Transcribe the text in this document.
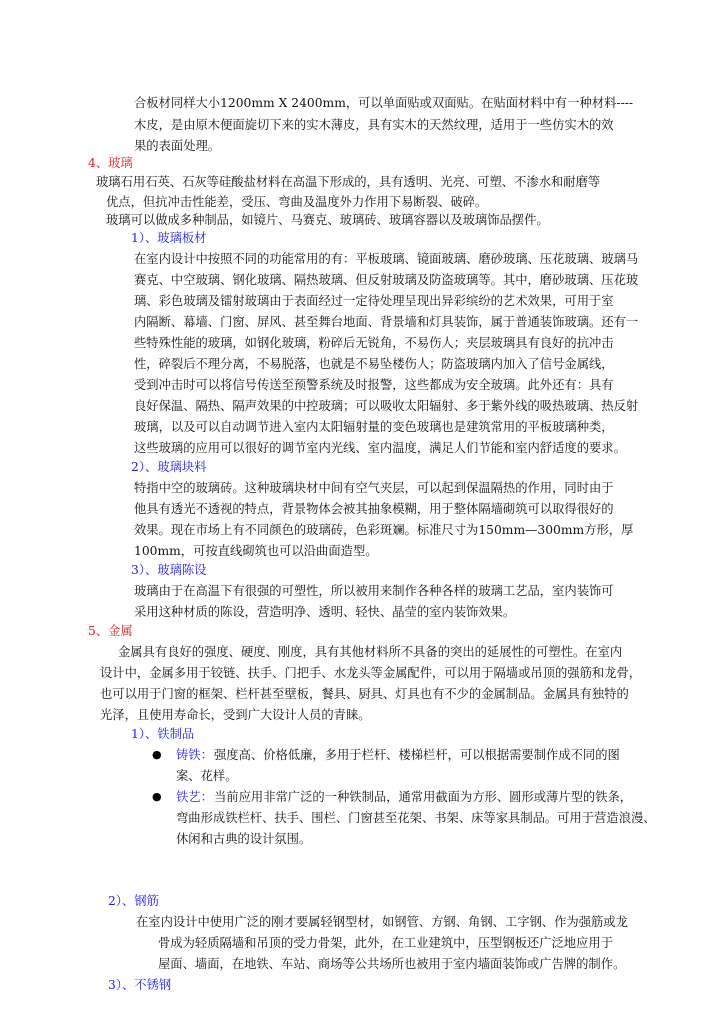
合板材同样大小1200mm X 2400mm，可以单面贴或双面贴。在贴面材料中有一种材料----
木皮，是由原木便面旋切下来的实木薄皮，具有实木的天然纹理，适用于一些仿实木的效
果的表面处理。
4、玻璃
玻璃石用石英、石灰等硅酸盐材料在高温下形成的，具有透明、光亮、可塑、不渗水和耐磨等
优点，但抗冲击性能差，受压、弯曲及温度外力作用下易断裂、破碎。
玻璃可以做成多种制品，如镜片、马赛克、玻璃砖、玻璃容器以及玻璃饰品摆件。
1）、玻璃板材
在室内设计中按照不同的功能常用的有：平板玻璃、镜面玻璃、磨砂玻璃、压花玻璃、玻璃马
赛克、中空玻璃、钢化玻璃、隔热玻璃、但反射玻璃及防盗玻璃等。其中，磨砂玻璃、压花玻
璃、彩色玻璃及镭射玻璃由于表面经过一定待处理呈现出异彩缤纷的艺术效果，可用于室
内隔断、幕墙、门窗、屏风、甚至舞台地面、背景墙和灯具装饰，属于普通装饰玻璃。还有一
些特殊性能的玻璃，如钢化玻璃，粉碎后无锐角，不易伤人；夹层玻璃具有良好的抗冲击
性，碎裂后不理分离，不易脱落，也就是不易坠楼伤人；防盗玻璃内加入了信号金属线，
受到冲击时可以将信号传送至预警系统及时报警，这些都成为安全玻璃。此外还有：具有
良好保温、隔热、隔声效果的中控玻璃；可以吸收太阳辐射、多于紫外线的吸热玻璃、热反射
玻璃，以及可以自动调节进入室内太阳辐射量的变色玻璃也是建筑常用的平板玻璃种类，
这些玻璃的应用可以很好的调节室内光线、室内温度，满足人们节能和室内舒适度的要求。
2）、玻璃块料
特指中空的玻璃砖。这种玻璃块材中间有空气夹层，可以起到保温隔热的作用，同时由于
他具有透光不透视的特点，背景物体会被其抽象模糊，用于整体隔墙砌筑可以取得很好的
效果。现在市场上有不同颜色的玻璃砖，色彩斑斓。标准尺寸为150mm—300mm方形，厚
100mm，可按直线砌筑也可以沿曲面造型。
3）、玻璃陈设
玻璃由于在高温下有很强的可塑性，所以被用来制作各种各样的玻璃工艺品，室内装饰可
采用这种材质的陈设，营造明净、透明、轻快、晶莹的室内装饰效果。
5、金属
金属具有良好的强度、硬度、刚度，具有其他材料所不具备的突出的延展性的可塑性。在室内
设计中，金属多用于铰链、扶手、门把手、水龙头等金属配件，可以用于隔墙或吊顶的强筋和龙骨，
也可以用于门窗的框架、栏杆甚至壁板，餐具、厨具、灯具也有不少的金属制品。金属具有独特的
光泽，且使用寿命长，受到广大设计人员的青睐。
1）、铁制品
● 铸铁： 强度高、价格低廉，多用于栏杆、楼梯栏杆，可以根据需要制作成不同的图
案、花样。
● 铁艺： 当前应用非常广泛的一种铁制品，通常用截面为方形、圆形或薄片型的铁条，
弯曲形成铁栏杆、扶手、围栏、门窗甚至花架、书架、床等家具制品。可用于营造浪漫、
休闲和古典的设计氛围。
2）、钢筋
在室内设计中使用广泛的刚才要属轻钢型材，如钢管、方钢、角钢、工字钢、作为强筋或龙
骨成为轻质隔墙和吊顶的受力骨架，此外，在工业建筑中，压型钢板还广泛地应用于
屋面、墙面，在地铁、车站、商场等公共场所也被用于室内墙面装饰或广告牌的制作。
3）、不锈钢
